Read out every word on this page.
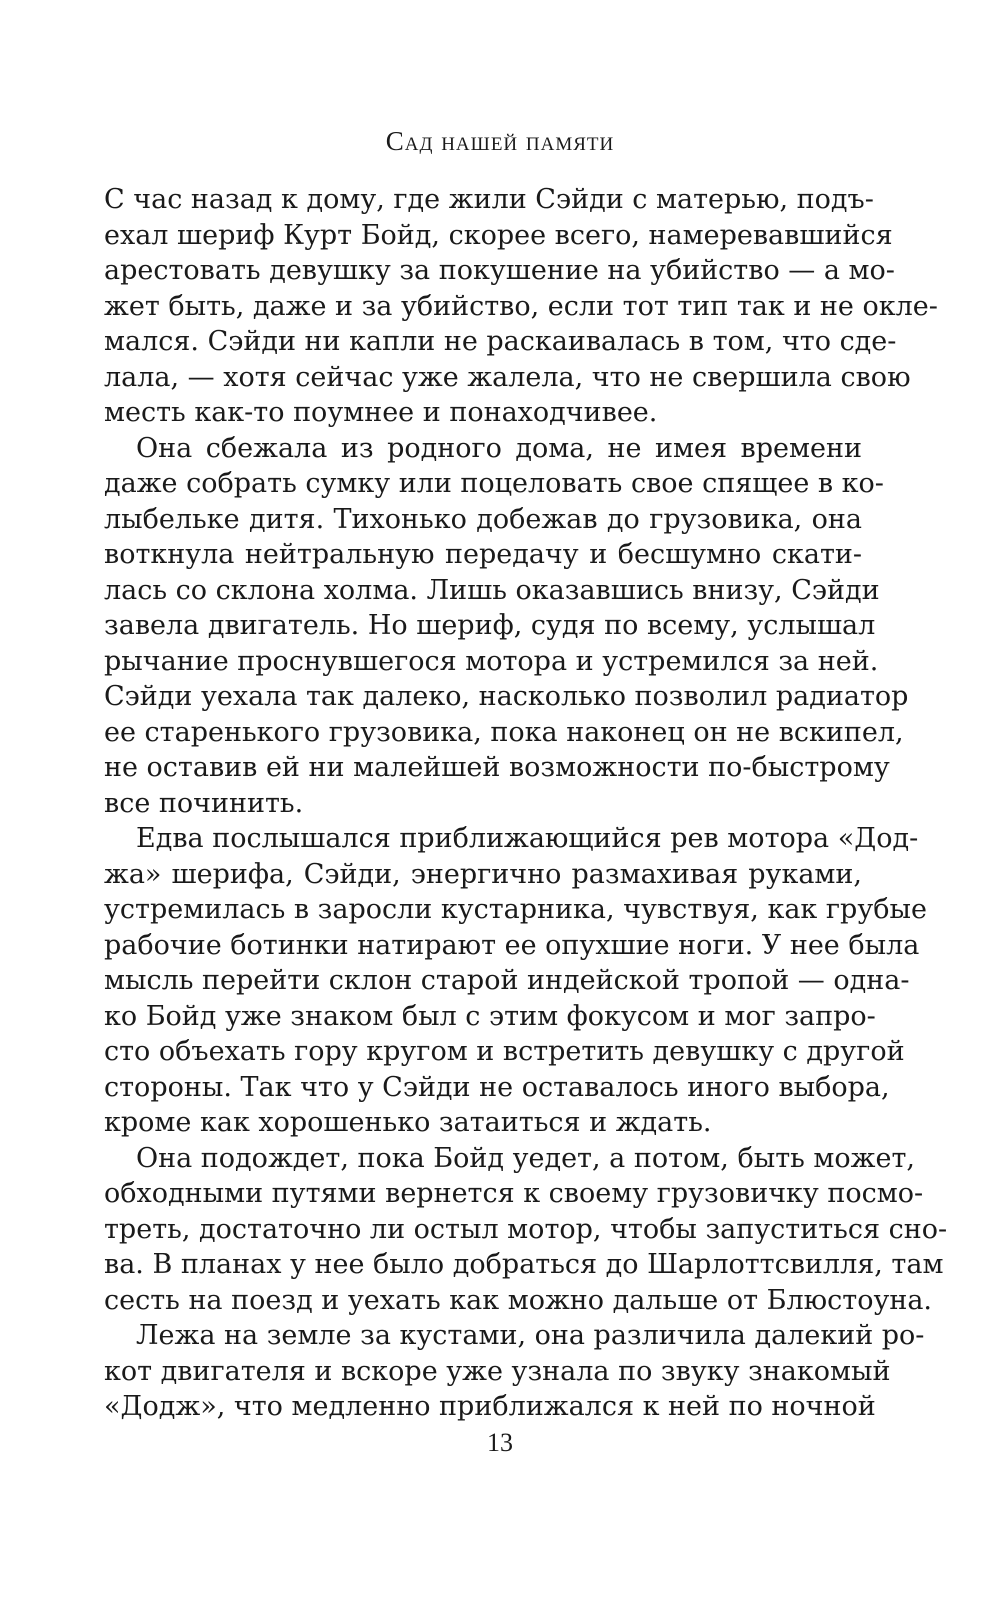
Сад нашей памяти
С час назад к дому, где жили Сэйди с матерью, подъ-
ехал шериф Курт Бойд, скорее всего, намеревавшийся
арестовать девушку за покушение на убийство — а мо-
жет быть, даже и за убийство, если тот тип так и не окле-
мался. Сэйди ни капли не раскаивалась в том, что сде-
лала, — хотя сейчас уже жалела, что не свершила свою
месть как-то поумнее и понаходчивее.
Она сбежала из родного дома, не имея времени
даже собрать сумку или поцеловать свое спящее в ко-
лыбельке дитя. Тихонько добежав до грузовика, она
воткнула нейтральную передачу и бесшумно скати-
лась со склона холма. Лишь оказавшись внизу, Сэйди
завела двигатель. Но шериф, судя по всему, услышал
рычание проснувшегося мотора и устремился за ней.
Сэйди уехала так далеко, насколько позволил радиатор
ее старенького грузовика, пока наконец он не вскипел,
не оставив ей ни малейшей возможности по-быстрому
все починить.
Едва послышался приближающийся рев мотора «Дод-
жа» шерифа, Сэйди, энергично размахивая руками,
устремилась в заросли кустарника, чувствуя, как грубые
рабочие ботинки натирают ее опухшие ноги. У нее была
мысль перейти склон старой индейской тропой — одна-
ко Бойд уже знаком был с этим фокусом и мог запро-
сто объехать гору кругом и встретить девушку с другой
стороны. Так что у Сэйди не оставалось иного выбора,
кроме как хорошенько затаиться и ждать.
Она подождет, пока Бойд уедет, а потом, быть может,
обходными путями вернется к своему грузовичку посмо-
треть, достаточно ли остыл мотор, чтобы запуститься сно-
ва. В планах у нее было добраться до Шарлоттсвилля, там
сесть на поезд и уехать как можно дальше от Блюстоуна.
Лежа на земле за кустами, она различила далекий ро-
кот двигателя и вскоре уже узнала по звуку знакомый
«Додж», что медленно приближался к ней по ночной
13
